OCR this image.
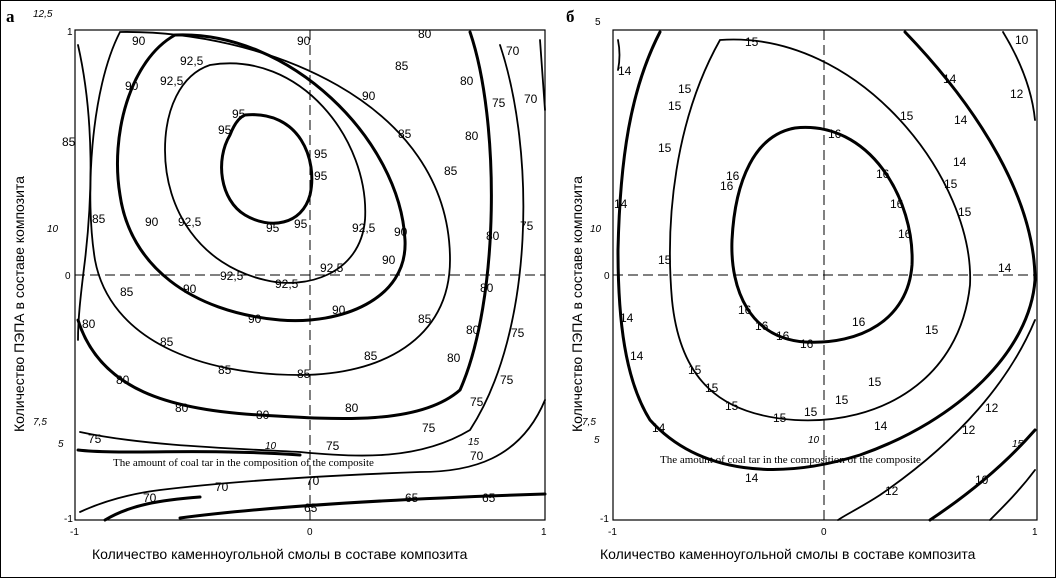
а
90
92,5
92,5
90
90	80
70
85
80
70
90	75
95
95
85
85	80
95
85
95
85	90 92,5	75
95
95	92,5 90	80
90
92,5
92,5
85	90	92,5	80
90
80	90	85
80	75
85
85	80
85	85
80	75
75
80	80
80
75
75	75
70	70
70	65	65
65
70
1
0
-1
-1	0	1
12,5
10
7,5
5	10	15
The amount of coal tar in the composition of the composite
Количество каменноугольной смолы в составе композита
Количество ПЭПА в составе композита
б
15	10
14
14
15	12
15
15	14
15
16
14
16
16
16
15
14	16
15
16
15
14
16
14	16
16	15
16
16
14
15
15
15
15
15	12
15
15
14	14	12
14	10
12
5
0
-1
-1	0	1
10
7,5
5	10	15
The amount of coal tar in the composition of the composite
Количество каменноугольной смолы в составе композита
Количество ПЭПА в составе композита
